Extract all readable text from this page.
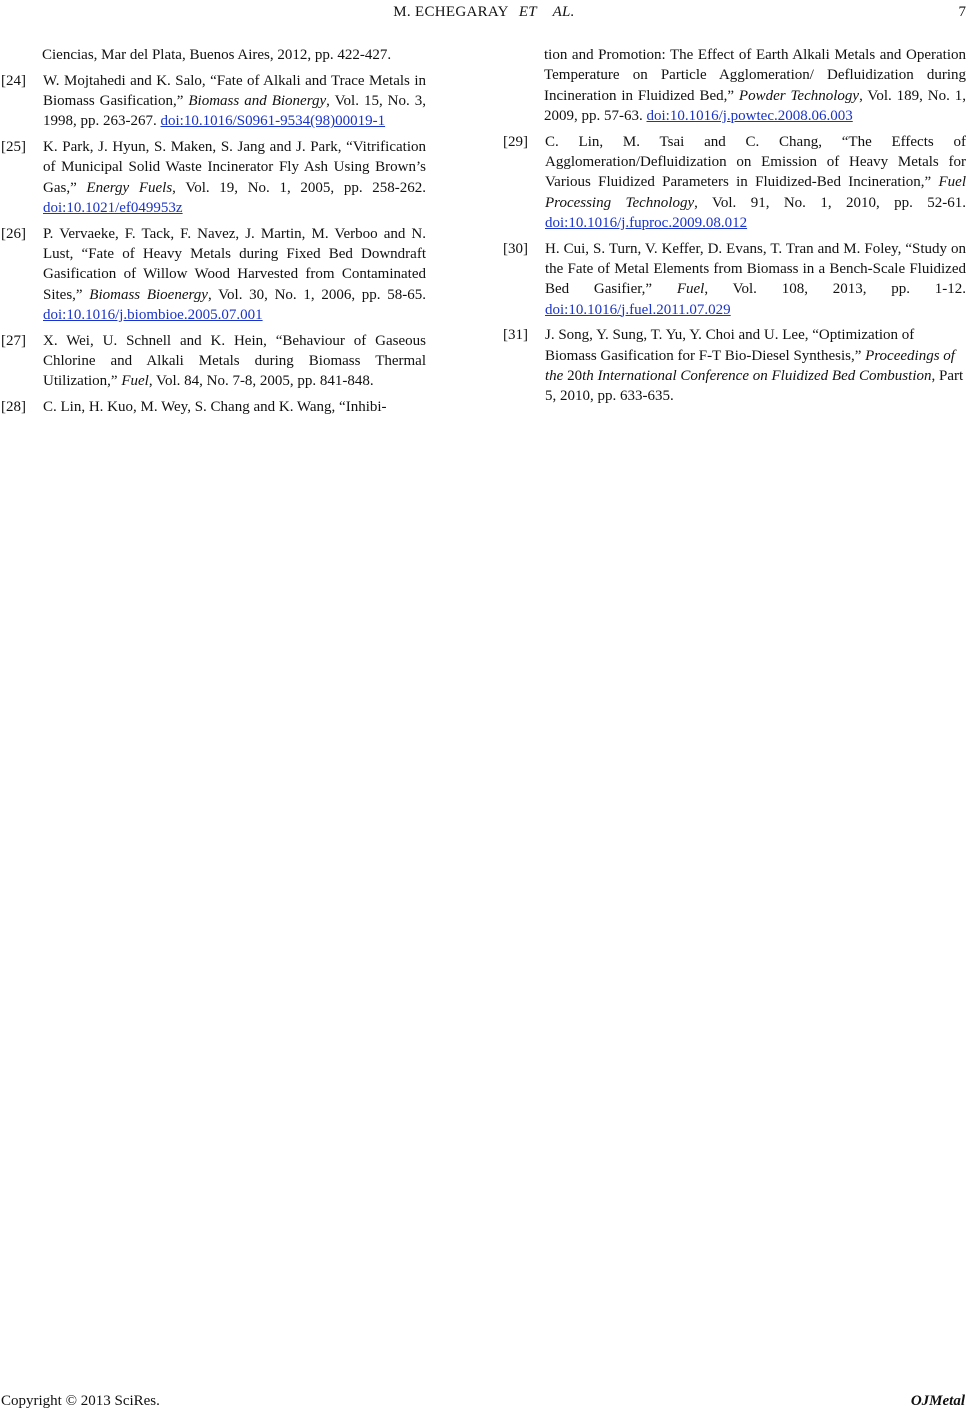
M. ECHEGARAY ET    AL.	7
Ciencias, Mar del Plata, Buenos Aires, 2012, pp. 422-427.
[24]	W. Mojtahedi and K. Salo, “Fate of Alkali and Trace Metals in Biomass Gasification,” Biomass and Bionergy, Vol. 15, No. 3, 1998, pp. 263-267. doi:10.1016/S0961-9534(98)00019-1
[25]	K. Park, J. Hyun, S. Maken, S. Jang and J. Park, “Vitrification of Municipal Solid Waste Incinerator Fly Ash Using Brown’s Gas,” Energy Fuels, Vol. 19, No. 1, 2005, pp. 258-262. doi:10.1021/ef049953z
[26]	P. Vervaeke, F. Tack, F. Navez, J. Martin, M. Verboo and N. Lust, “Fate of Heavy Metals during Fixed Bed Downdraft Gasification of Willow Wood Harvested from Contaminated Sites,” Biomass Bioenergy, Vol. 30, No. 1, 2006, pp. 58-65. doi:10.1016/j.biombioe.2005.07.001
[27]	X. Wei, U. Schnell and K. Hein, “Behaviour of Gaseous Chlorine and Alkali Metals during Biomass Thermal Utilization,” Fuel, Vol. 84, No. 7-8, 2005, pp. 841-848.
[28]	C. Lin, H. Kuo, M. Wey, S. Chang and K. Wang, “Inhibi-
tion and Promotion: The Effect of Earth Alkali Metals and Operation Temperature on Particle Agglomeration/ Defluidization during Incineration in Fluidized Bed,” Powder Technology, Vol. 189, No. 1, 2009, pp. 57-63. doi:10.1016/j.powtec.2008.06.003
[29]	C. Lin, M. Tsai and C. Chang, “The Effects of Agglomeration/Defluidization on Emission of Heavy Metals for Various Fluidized Parameters in Fluidized-Bed Incineration,” Fuel Processing Technology, Vol. 91, No. 1, 2010, pp. 52-61. doi:10.1016/j.fuproc.2009.08.012
[30]	H. Cui, S. Turn, V. Keffer, D. Evans, T. Tran and M. Foley, “Study on the Fate of Metal Elements from Biomass in a Bench-Scale Fluidized Bed Gasifier,” Fuel, Vol. 108, 2013, pp. 1-12. doi:10.1016/j.fuel.2011.07.029
[31]	J. Song, Y. Sung, T. Yu, Y. Choi and U. Lee, “Optimization of Biomass Gasification for F-T Bio-Diesel Synthesis,” Proceedings of the 20th International Conference on Fluidized Bed Combustion, Part 5, 2010, pp. 633-635.
Copyright © 2013 SciRes.	OJMetal
